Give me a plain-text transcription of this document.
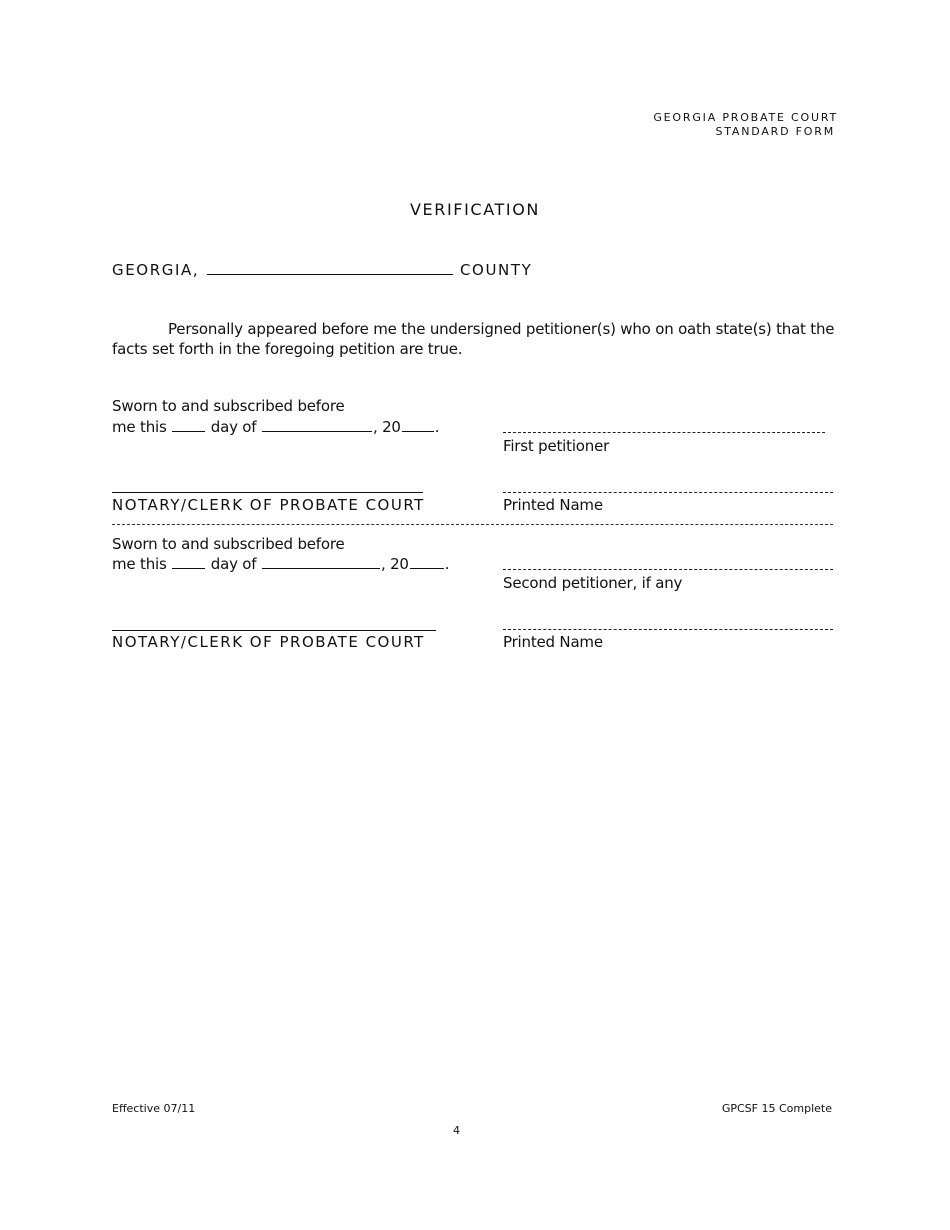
GEORGIA PROBATE COURT
STANDARD FORM
VERIFICATION
GEORGIA,	COUNTY
Personally appeared before me the undersigned petitioner(s) who on oath state(s) that the facts set forth in the foregoing petition are true.
Sworn to and subscribed before
me this	day of	, 20 .
First petitioner
NOTARY/CLERK OF PROBATE COURT	Printed Name
Sworn to and subscribed before
me this	day of	, 20 .
Second petitioner, if any
NOTARY/CLERK OF PROBATE COURT	Printed Name
Effective 07/11	GPCSF 15 Complete
4
